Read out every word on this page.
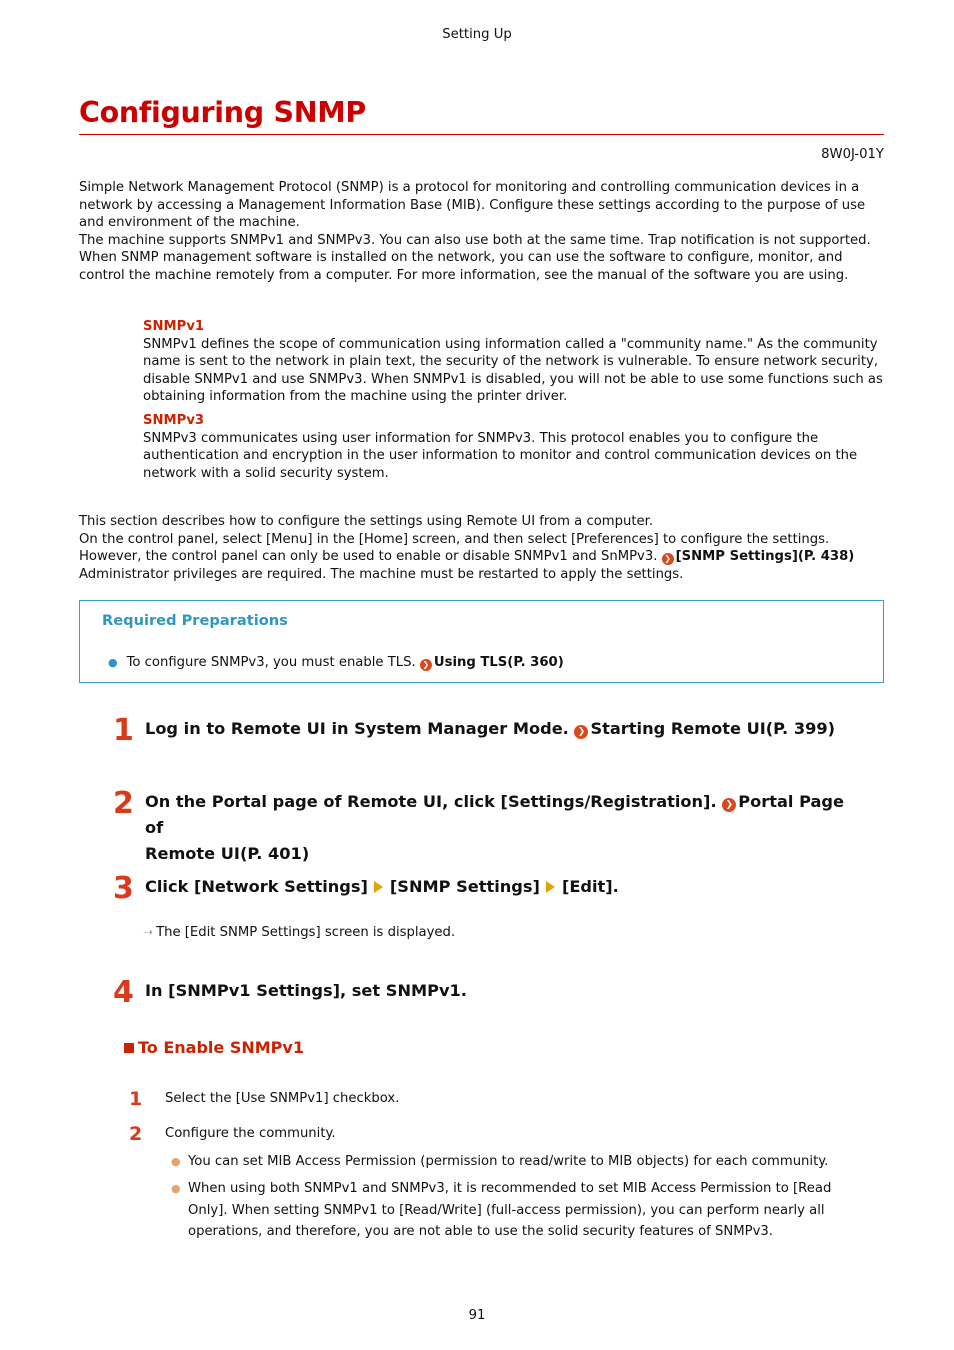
Setting Up
Configuring SNMP
8W0J-01Y

Simple Network Management Protocol (SNMP) is a protocol for monitoring and controlling communication devices in a network by accessing a Management Information Base (MIB). Configure these settings according to the purpose of use and environment of the machine.

The machine supports SNMPv1 and SNMPv3. You can also use both at the same time. Trap notification is not supported.

When SNMP management software is installed on the network, you can use the software to configure, monitor, and control the machine remotely from a computer. For more information, see the manual of the software you are using.

SNMPv1

SNMPv1 defines the scope of communication using information called a "community name." As the community name is sent to the network in plain text, the security of the network is vulnerable. To ensure network security, disable SNMPv1 and use SNMPv3. When SNMPv1 is disabled, you will not be able to use some functions such as obtaining information from the machine using the printer driver.

SNMPv3

SNMPv3 communicates using user information for SNMPv3. This protocol enables you to configure the authentication and encryption in the user information to monitor and control communication devices on the network with a solid security system.

This section describes how to configure the settings using Remote UI from a computer.

On the control panel, select [Menu] in the [Home] screen, and then select [Preferences] to configure the settings.

However, the control panel can only be used to enable or disable SNMPv1 and SnMPv3. ❯ [SNMP Settings](P. 438)

Administrator privileges are required. The machine must be restarted to apply the settings.

Required Preparations
● To configure SNMPv3, you must enable TLS. ❯ Using TLS(P. 360)
1 Log in to Remote UI in System Manager Mode. ❯ Starting Remote UI(P. 399)
2 On the Portal page of Remote UI, click [Settings/Registration]. ❯ Portal Page of
Remote UI(P. 401)
3 Click [Network Settings] [SNMP Settings] [Edit].
➝ The [Edit SNMP Settings] screen is displayed.
4 In [SNMPv1 Settings], set SNMPv1.
To Enable SNMPv1
1 Select the [Use SNMPv1] checkbox.
2 Configure the community.
● You can set MIB Access Permission (permission to read/write to MIB objects) for each community.
● When using both SNMPv1 and SNMPv3, it is recommended to set MIB Access Permission to [Read Only]. When setting SNMPv1 to [Read/Write] (full-access permission), you can perform nearly all operations, and therefore, you are not able to use the solid security features of SNMPv3.
91
